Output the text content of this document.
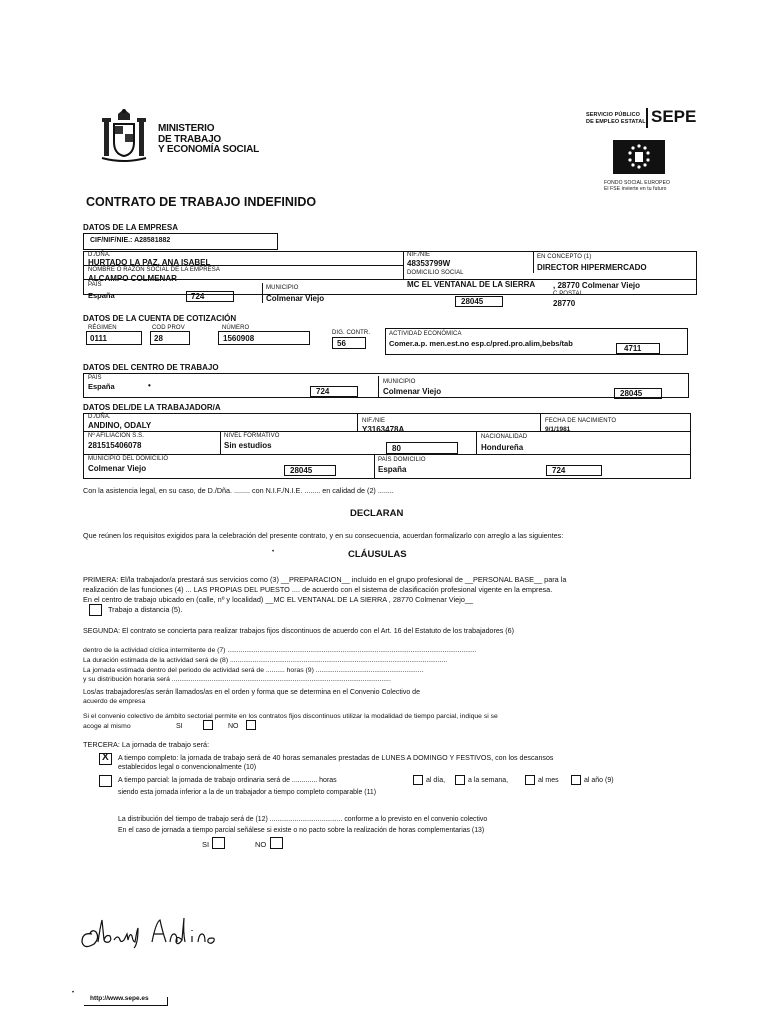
MINISTERIO
DE TRABAJO
Y ECONOMÍA SOCIAL
SERVICIO PÚBLICO
DE EMPLEO ESTATAL SEPE
FONDO SOCIAL EUROPEO
El FSE invierte en tu futuro
CONTRATO DE TRABAJO INDEFINIDO
DATOS DE LA EMPRESA
CIF/NIF/NIE.: A28581882
D./DÑA.
HURTADO LA PAZ, ANA ISABEL
NIF./NIE
48353799W
EN CONCEPTO (1)
DIRECTOR HIPERMERCADO
NOMBRE O RAZÓN SOCIAL DE LA EMPRESA
ALCAMPO COLMENAR
DOMICILIO SOCIAL
MC EL VENTANAL DE LA SIERRA , 28770 Colmenar Viejo
PAÍS
España	724
MUNICIPIO
Colmenar Viejo	28045
C.POSTAL
28770
DATOS DE LA CUENTA DE COTIZACIÓN
RÉGIMEN
0111
COD PROV
28
NÚMERO
1560908
DIG. CONTR.
56
ACTIVIDAD ECONÓMICA
Comer.a.p. men.est.no esp.c/pred.pro.alim,bebs/tab
4711
DATOS DEL CENTRO DE TRABAJO
PAÍS
España	•
724
MUNICIPIO
Colmenar Viejo	28045
DATOS DEL/DE LA TRABAJADOR/A
D./DÑA.
ANDINO, ODALY	NIF./NIE
Y3163478A
FECHA DE NACIMIENTO
9/1/1981
Nº AFILIACIÓN S.S.
281515406078
NIVEL FORMATIVO
Sin estudios	80
NACIONALIDAD
Hondureña
MUNICIPIO DEL DOMICILIO
Colmenar Viejo	28045
PAÍS DOMICILIO
España	724
Con la asistencia legal, en su caso, de D./Dña. ........ con N.I.F./N.I.E. ........ en calidad de (2) ........
DECLARAN
Que reúnen los requisitos exigidos para la celebración del presente contrato, y en su consecuencia, acuerdan formalizarlo con arreglo a las siguientes:
CLÁUSULAS
•
PRIMERA: El/la trabajador/a prestará sus servicios como (3) __PREPARACION__ incluido en el grupo profesional de __PERSONAL BASE__ para la
realización de las funciones (4) ... LAS PROPIAS DEL PUESTO .... de acuerdo con el sistema de clasificación profesional vigente en la empresa.
En el centro de trabajo ubicado en (calle, nº y localidad) __MC EL VENTANAL DE LA SIERRA , 28770 Colmenar Viejo__
Trabajo a distancia (5).
SEGUNDA: El contrato se concierta para realizar trabajos fijos discontinuos de acuerdo con el Art. 16 del Estatuto de los trabajadores (6)
dentro de la actividad cíclica intermitente de (7) ....................................................................................................................................
La duración estimada de la actividad será de (8) ...................................................................................................................
La jornada estimada dentro del periodo de actividad será de .......... horas (9) .........................................................
y su distribución horaria será ....................................................................................................................
Los/as trabajadores/as serán llamados/as en el orden y forma que se determina en el Convenio Colectivo de
acuerdo de empresa
Si el convenio colectivo de ámbito sectorial permite en los contratos fijos discontinuos utilizar la modalidad de tiempo parcial, indique si se
acoge al mismo	SI	NO
TERCERA: La jornada de trabajo será:
X A tiempo completo: la jornada de trabajo será de 40 horas semanales prestadas de LUNES A DOMINGO Y FESTIVOS, con los descansos
establecidos legal o convencionalmente (10)
A tiempo parcial: la jornada de trabajo ordinaria será de ............. horas	al día,	a la semana,	al mes	al año (9)
siendo esta jornada inferior a la de un trabajador a tiempo completo comparable (11)
La distribución del tiempo de trabajo será de (12) ...................................... conforme a lo previsto en el convenio colectivo
En el caso de jornada a tiempo parcial señálese si existe o no pacto sobre la realización de horas complementarias (13)
SI	NO
•
http://www.sepe.es
